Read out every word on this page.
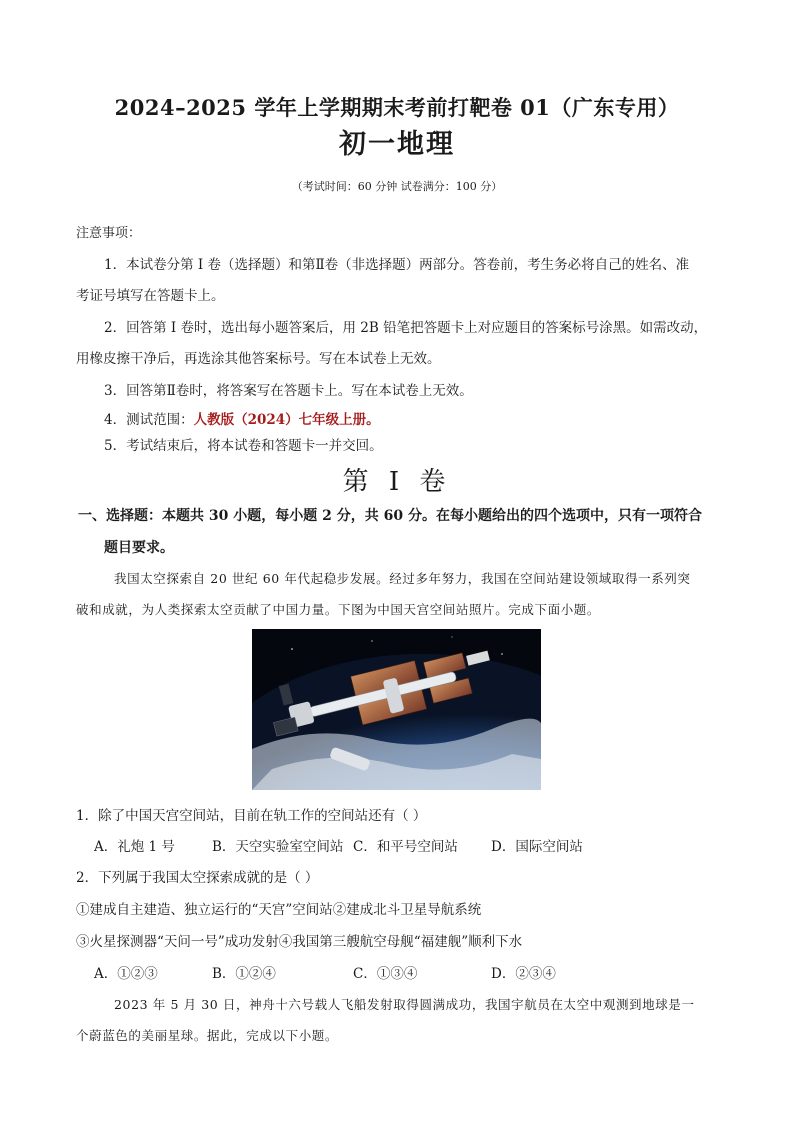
2024–2025 学年上学期期末考前打靶卷 01（广东专用）
初一地理
（考试时间：60 分钟 试卷满分：100 分）
注意事项：
1．本试卷分第 I 卷（选择题）和第Ⅱ卷（非选择题）两部分。答卷前，考生务必将自己的姓名、准
考证号填写在答题卡上。
2．回答第 I 卷时，选出每小题答案后，用 2B 铅笔把答题卡上对应题目的答案标号涂黑。如需改动，
用橡皮擦干净后，再选涂其他答案标号。写在本试卷上无效。
3．回答第Ⅱ卷时，将答案写在答题卡上。写在本试卷上无效。
4．测试范围：人教版（2024）七年级上册。
5．考试结束后，将本试卷和答题卡一并交回。
第 I 卷
一、选择题：本题共 30 小题，每小题 2 分，共 60 分。在每小题给出的四个选项中，只有一项符合
题目要求。
我国太空探索自 20 世纪 60 年代起稳步发展。经过多年努力，我国在空间站建设领域取得一系列突
破和成就，为人类探索太空贡献了中国力量。下图为中国天宫空间站照片。完成下面小题。
1．除了中国天宫空间站，目前在轨工作的空间站还有（ ）
A．礼炮 1 号	B．天空实验室空间站 C．和平号空间站 D．国际空间站
2．下列属于我国太空探索成就的是（ ）
①建成自主建造、独立运行的“天宫”空间站②建成北斗卫星导航系统
③火星探测器“天问一号”成功发射④我国第三艘航空母舰“福建舰”顺利下水
A．①②③	B．①②④	C．①③④	D．②③④
2023 年 5 月 30 日，神舟十六号载人飞船发射取得圆满成功，我国宇航员在太空中观测到地球是一
个蔚蓝色的美丽星球。据此，完成以下小题。
